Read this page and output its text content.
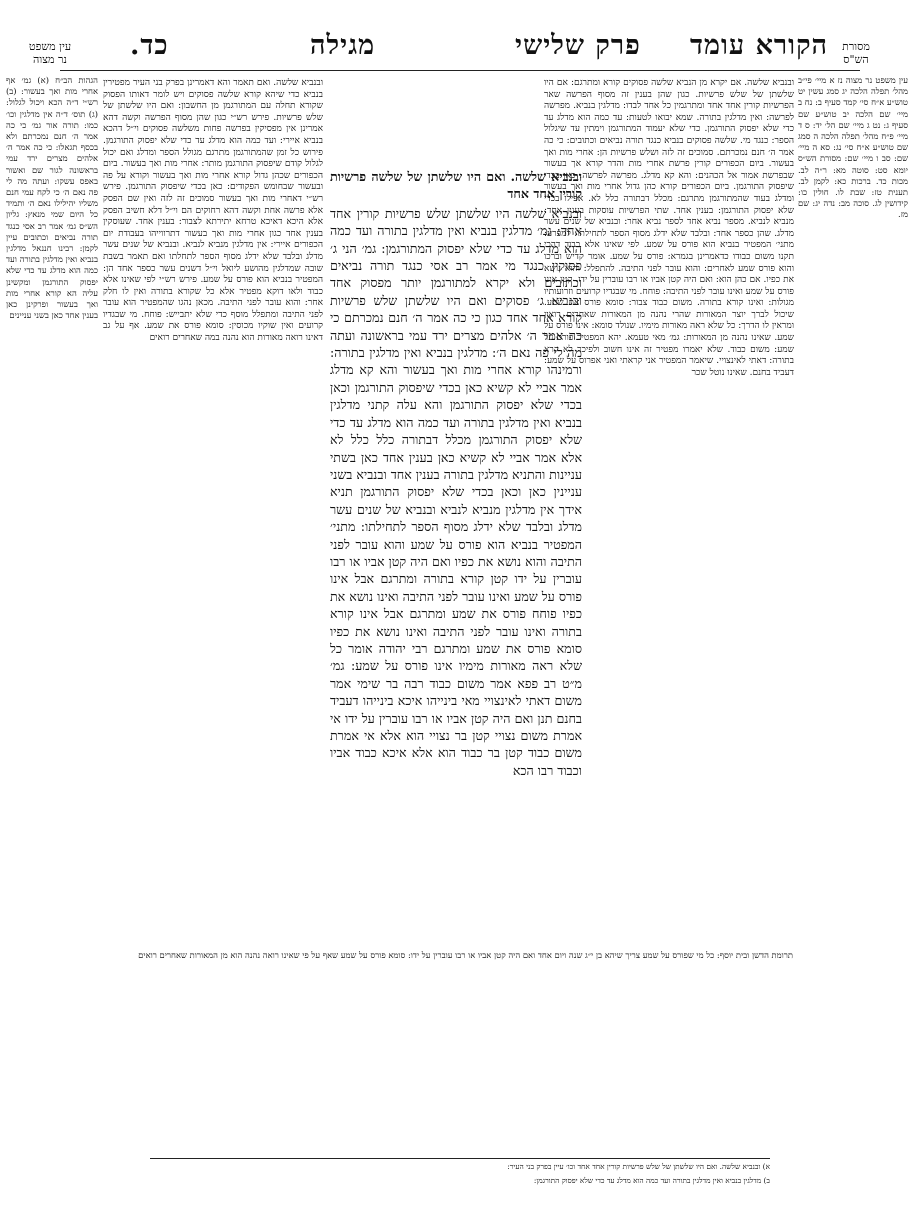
הקורא עומד
פרק שלישי
מגילה
כד.	מסורת
הש"ס
עין משפט
נר מצוה
עין משפט נר מצוה נז א מיי׳ פי״ב מהל׳ תפלה הלכה יג סמג עשין יט טוש״ע א״ח סי׳ קמד סעיף ב: נח ב מיי׳ שם הלכה יב טוש״ע שם סעיף ג: נט ג מיי׳ שם הל׳ יד: ס ד מיי׳ פ״ח מהל׳ תפלה הלכה ה סמג שם טוש״ע א״ח סי׳ נג: סא ה מיי׳ שם: סב ו מיי׳ שם: מסורת הש״ס יומא סט: סוטה מא: ר״ה לב. מכות כד. ברכות כא: לקמן לב. תענית טז: שבת לו. חולין כו: קידושין לג. סוכה מב: נדה יג: שם מז.
הגהות הב״ח (א) גמ׳ אף אחרי מות ואך בעשור: (ב) רש״י ד״ה הכא ויכול לגלול: (ג) תוס׳ ד״ה אין מדלגין וכו׳ כמו: תורה אור גמ׳ כי כה אמר ה׳ חנם נמכרתם ולא בכסף תגאלו: כי כה אמר ה׳ אלהים מצרים ירד עמי בראשונה לגור שם ואשור באפס עשקו: ועתה מה לי פה נאם ה׳ כי לקח עמי חנם משליו יהילילו נאם ה׳ ותמיד כל היום שמי מנאץ: גליון הש״ס גמ׳ אמר רב אסי כנגד תורה נביאים וכתובים עיין לקמן: רבינו חננאל מדלגין בנביא ואין מדלגין בתורה ועד כמה הוא מדלג עד כדי שלא יפסוק התורגמן ומקשינן עליה הא קורא אחרי מות ואך בעשור ופרקינן כאן בענין אחד כאן בשני עניינים
ובנביא שלשה. אם יקרא מן הנביא שלשה פסוקים קורא ומתרגם: אם היו שלשתן של שלש פרשיות. כגון שהן בענין זה מסוף הפרשה שאר הפרשיות קורין אחד אחד ומתרגמין כל אחד לבדו: מדלגין בנביא. מפרשה לפרשה: ואין מדלגין בתורה. שמא יבואו לטעות: עד כמה הוא מדלג עד כדי שלא יפסוק התורגמן. כדי שלא יעמוד המתורגמן וימתין עד שיגלול הספר: כנגד מי. שלשה פסוקים בנביא כנגד תורה נביאים וכתובים: כי כה אמר ה׳ חנם נמכרתם. סמוכים זה לזה ושלש פרשיות הן: אחרי מות ואך בעשור. ביום הכפורים קורין פרשת אחרי מות והדר קורא אך בעשור שבפרשת אמור אל הכהנים: והא קא מדלג. מפרשה לפרשה: כאן בכדי שיפסוק התורגמן. ביום הכפורים קורא כהן גדול אחרי מות ואך בעשור ומדלג בעוד שהמתורגמן מתרגם: מכלל דבתורה כלל לא. אפילו בכדי שלא יפסוק התורגמן: בענין אחד. שתי הפרשיות עוסקות בענין אחד: מנביא לנביא. מספר נביא אחד לספר נביא אחר: ובנביא של שנים עשר מדלג. שהן כספר אחד: ובלבד שלא ידלג מסוף הספר לתחילתו. למפרע: מתני׳ המפטיר בנביא הוא פורס על שמע. לפי שאינו אלא כבוד דהכי תקנו משום כבודו כדאמרינן בגמרא: פורס על שמע. אומר קדיש וברכו והוא פורס שמע לאחרים: והוא עובר לפני התיבה. להתפלל: והוא נושא את כפיו. אם כהן הוא: ואם היה קטן אביו או רבו עוברין על ידו. קטן אינו פורס על שמע ואינו עובר לפני התיבה: פוחח. מי שבגדיו קרועים וזרועותיו מגולות: ואינו קורא בתורה. משום כבוד צבור: סומא פורס את שמע. שיכול לברך יוצר המאורות שהרי נהנה מן המאורות שאחרים רואין ומראין לו הדרך: כל שלא ראה מאורות מימיו. שנולד סומא: אינו פורס על שמע. שאינו נהנה מן המאורות: גמ׳ מאי טעמא. יהא המפטיר פורס על שמע: משום כבוד. שלא יאמרו מפטיר זה אינו חשוב ולפיכך לא קרא בתורה: דאתי לאינצויי. שיאמר המפטיר אני קראתי ואני אפרוס על שמע: דעביד בחנם. שאינו נוטל שכר
ובנביא שלשה. ואם תאמר והא דאמרינן בפרק בני העיר מפטירין בנביא כדי שיהא קורא שלשה פסוקים ויש לומר דאותו הפסוק שקורא תחלה עם המתורגמן מן החשבון: ואם היו שלשתן של שלש פרשיות. פירש רש״י כגון שהן מסוף הפרשה וקשה דהא אמרינן אין מפסיקין בפרשה פחות משלשה פסוקים וי״ל דהכא בנביא איירי: ועד כמה הוא מדלג עד כדי שלא יפסוק התורגמן. פירוש כל זמן שהמתורגמן מתרגם מגולל הספר ומדלג ואם יכול לגלול קודם שיפסוק התורגמן מותר: אחרי מות ואך בעשור. ביום הכפורים שכהן גדול קורא אחרי מות ואך בעשור וקורא על פה ובעשור שבחומש הפקודים: כאן בכדי שיפסוק התורגמן. פירש רש״י דאחרי מות ואך בעשור סמוכים זה לזה ואין שם הפסק אלא פרשה אחת וקשה דהא רחוקים הם וי״ל דלא חשיב הפסק אלא היכא דאיכא טרחא יתירתא לצבור: בענין אחד. שעוסקין בענין אחד כגון אחרי מות ואך בעשור דתרווייהו בעבודת יום הכפורים איירי: אין מדלגין מנביא לנביא. ובנביא של שנים עשר מדלג ובלבד שלא ידלג מסוף הספר לתחלתו ואם תאמר בשבת שובה שמדלגין מהושע ליואל וי״ל דשנים עשר כספר אחד הן: המפטיר בנביא הוא פורס על שמע. פירש רש״י לפי שאינו אלא כבוד ולאו דוקא מפטיר אלא כל שקורא בתורה ואין לו חלק אחר: והוא עובר לפני התיבה. מכאן נהגו שהמפטיר הוא עובר לפני התיבה ומתפלל מוסף כדי שלא יתבייש: פוחח. מי שבגדיו קרועים ואין שוקיו מכוסין: סומא פורס את שמע. אף על גב דאינו רואה מאורות הוא נהנה במה שאחרים רואים
ובנביא שלשה. ואם היו שלשתן של שלשה פרשיות קורין אחד אחד
ובנביא שלשה היו שלשתן שלש פרשיות קורין אחד אחד: גמ׳ מדלגין בנביא ואין מדלגין בתורה ועד כמה הוא מדלג עד כדי שלא יפסוק המתורגמן: גמ׳ הני ג׳ פסוקין כנגד מי אמר רב אסי כנגד תורה נביאים וכתובים ולא יקרא למתורגמן יותר מפסוק אחד ובנביא ג׳ פסוקים ואם היו שלשתן שלש פרשיות קורא אחד אחד כגון כי כה אמר ה׳ חנם נמכרתם כי כה אמר ה׳ אלהים מצרים ירד עמי בראשונה ועתה מה לי פה נאם ה׳: מדלגין בנביא ואין מדלגין בתורה: ורמינהו קורא אחרי מות ואך בעשור והא קא מדלג אמר אביי לא קשיא כאן בכדי שיפסוק התורגמן וכאן בכדי שלא יפסוק התורגמן והא עלה קתני מדלגין בנביא ואין מדלגין בתורה ועד כמה הוא מדלג עד כדי שלא יפסוק התורגמן מכלל דבתורה כלל כלל לא אלא אמר אביי לא קשיא כאן בענין אחד כאן בשתי עניינות והתניא מדלגין בתורה בענין אחד ובנביא בשני עניינין כאן וכאן בכדי שלא יפסוק התורגמן תניא אידך אין מדלגין מנביא לנביא ובנביא של שנים עשר מדלג ובלבד שלא ידלג מסוף הספר לתחילתו: מתני׳ המפטיר בנביא הוא פורס על שמע והוא עובר לפני התיבה והוא נושא את כפיו ואם היה קטן אביו או רבו עוברין על ידו קטן קורא בתורה ומתרגם אבל אינו פורס על שמע ואינו עובר לפני התיבה ואינו נושא את כפיו פוחח פורס את שמע ומתרגם אבל אינו קורא בתורה ואינו עובר לפני התיבה ואינו נושא את כפיו סומא פורס את שמע ומתרגם רבי יהודה אומר כל שלא ראה מאורות מימיו אינו פורס על שמע: גמ׳ מ״ט רב פפא אמר משום כבוד רבה בר שימי אמר משום דאתי לאינצויי מאי בינייהו איכא בינייהו דעביד בחנם תנן ואם היה קטן אביו או רבו עוברין על ידו אי אמרת משום נצויי קטן בר נצויי הוא אלא אי אמרת משום כבוד קטן בר כבוד הוא אלא איכא כבוד אביו וכבוד רבו הכא
תרומת הדשן ובית יוסף: כל מי שפורס על שמע צריך שיהא בן י״ג שנה ויום אחד ואם היה קטן אביו או רבו עוברין על ידו: סומא פורס על שמע שאף על פי שאינו רואה נהנה הוא מן המאורות שאחרים רואים
א) ובנביא שלשה. ואם היו שלשתן של שלש פרשיות קורין אחד אחד וכו׳ עיין בפרק בני העיר:
ב) מדלגין בנביא ואין מדלגין בתורה ועד כמה הוא מדלג עד כדי שלא יפסוק התורגמן:
